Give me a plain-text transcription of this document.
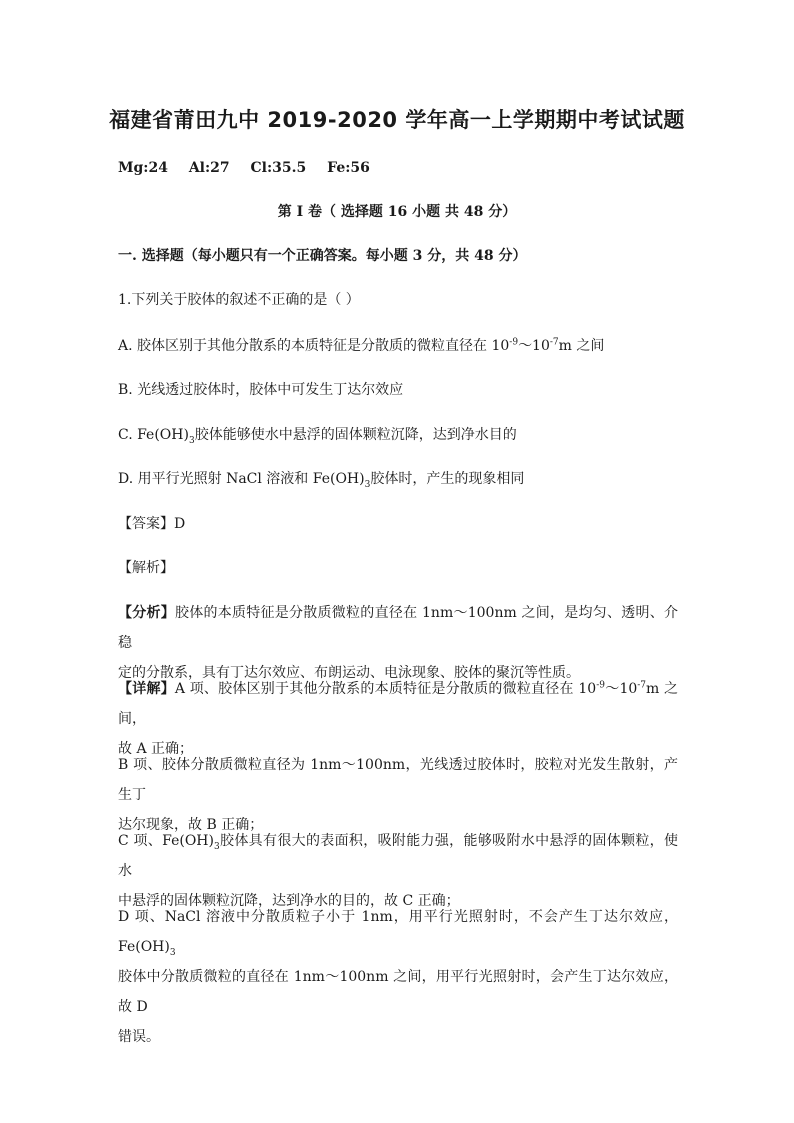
福建省莆田九中 2019-2020 学年高一上学期期中考试试题
Mg:24 Al:27 Cl:35.5 Fe:56
第 I 卷（ 选择题 16 小题 共 48 分）
一. 选择题（每小题只有一个正确答案。每小题 3 分，共 48 分）
1.下列关于胶体的叙述不正确的是（ ）
A. 胶体区别于其他分散系的本质特征是分散质的微粒直径在 $10^{-9}\sim 10^{-7}m$ 之间
B. 光线透过胶体时，胶体中可发生丁达尔效应
C. $Fe(OH)_3$胶体能够使水中悬浮的固体颗粒沉降，达到净水目的
D. 用平行光照射 NaCl 溶液和 $Fe(OH)_3$胶体时，产生的现象相同
【答案】D
【解析】
【分析】胶体的本质特征是分散质微粒的直径在 1nm～100nm 之间，是均匀、透明、介稳
定的分散系，具有丁达尔效应、布朗运动、电泳现象、胶体的聚沉等性质。
【详解】A 项、胶体区别于其他分散系的本质特征是分散质的微粒直径在 $10^{-9}\sim 10^{-7}m$ 之间，
故 A 正确；
B 项、胶体分散质微粒直径为 1nm～100nm，光线透过胶体时，胶粒对光发生散射，产生丁
达尔现象，故 B 正确；
C 项、$Fe(OH)_3$胶体具有很大的表面积，吸附能力强，能够吸附水中悬浮的固体颗粒，使水
中悬浮的固体颗粒沉降，达到净水的目的，故 C 正确；
D 项、NaCl 溶液中分散质粒子小于 1nm，用平行光照射时，不会产生丁达尔效应，$Fe(OH)_3$
胶体中分散质微粒的直径在 1nm～100nm 之间，用平行光照射时，会产生丁达尔效应，故 D
错误。
